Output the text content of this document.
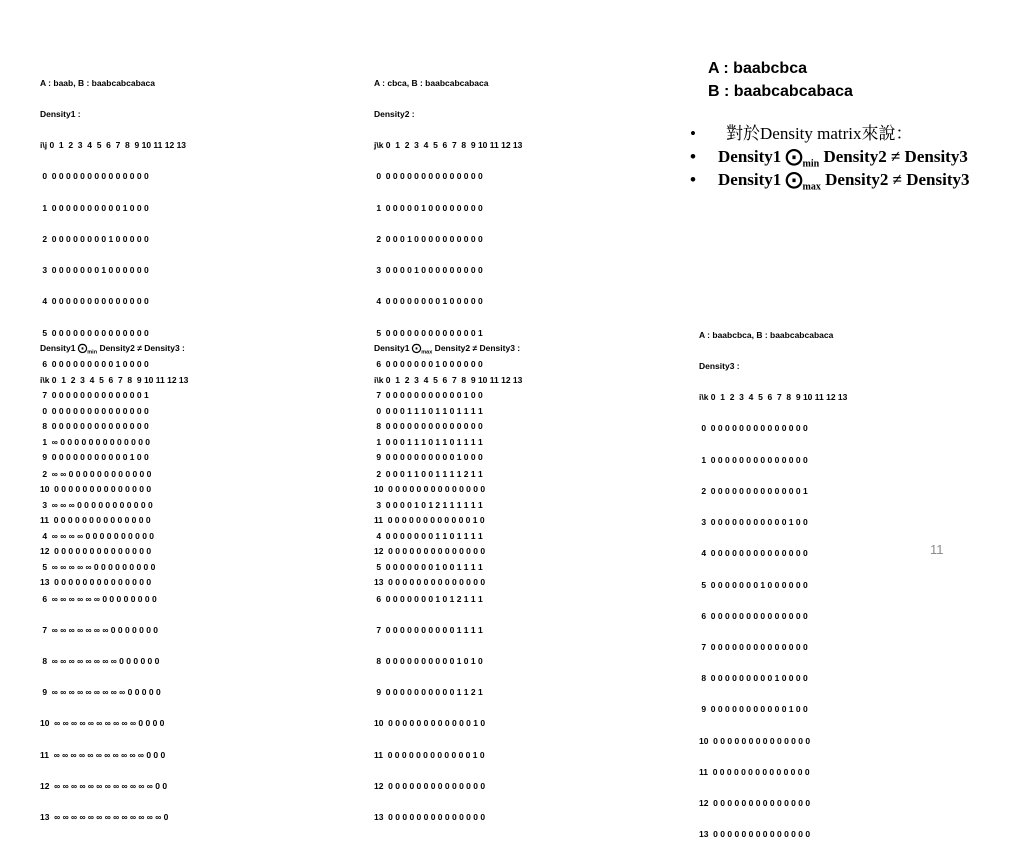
A : baab, B : baabcabcabaca

Density1 :

i\j 0  1  2  3  4  5  6  7  8  9 10 11 12 13

0  0 0 0 0 0 0 0 0 0 0 0 0 0 0

1  0 0 0 0 0 0 0 0 0 0 1 0 0 0

2  0 0 0 0 0 0 0 0 1 0 0 0 0 0

3  0 0 0 0 0 0 0 1 0 0 0 0 0 0

4  0 0 0 0 0 0 0 0 0 0 0 0 0 0

5  0 0 0 0 0 0 0 0 0 0 0 0 0 0

6  0 0 0 0 0 0 0 0 0 1 0 0 0 0

7  0 0 0 0 0 0 0 0 0 0 0 0 0 1

8  0 0 0 0 0 0 0 0 0 0 0 0 0 0

9  0 0 0 0 0 0 0 0 0 0 0 1 0 0

10  0 0 0 0 0 0 0 0 0 0 0 0 0 0

11  0 0 0 0 0 0 0 0 0 0 0 0 0 0

12  0 0 0 0 0 0 0 0 0 0 0 0 0 0

13  0 0 0 0 0 0 0 0 0 0 0 0 0 0

A : cbca, B : baabcabcabaca

Density2 :

j\k 0  1  2  3  4  5  6  7  8  9 10 11 12 13

0  0 0 0 0 0 0 0 0 0 0 0 0 0 0

1  0 0 0 0 0 1 0 0 0 0 0 0 0 0

2  0 0 0 1 0 0 0 0 0 0 0 0 0 0

3  0 0 0 0 1 0 0 0 0 0 0 0 0 0

4  0 0 0 0 0 0 0 0 1 0 0 0 0 0

5  0 0 0 0 0 0 0 0 0 0 0 0 0 1

6  0 0 0 0 0 0 0 1 0 0 0 0 0 0

7  0 0 0 0 0 0 0 0 0 0 0 1 0 0

8  0 0 0 0 0 0 0 0 0 0 0 0 0 0

9  0 0 0 0 0 0 0 0 0 0 1 0 0 0

10  0 0 0 0 0 0 0 0 0 0 0 0 0 0

11  0 0 0 0 0 0 0 0 0 0 0 0 1 0

12  0 0 0 0 0 0 0 0 0 0 0 0 0 0

13  0 0 0 0 0 0 0 0 0 0 0 0 0 0

Density1 $⨀_{min}$ Density2 ≠ Density3 :

i\k 0  1  2  3  4  5  6  7  8  9 10 11 12 13

0  0 0 0 0 0 0 0 0 0 0 0 0 0 0

1  ∞ 0 0 0 0 0 0 0 0 0 0 0 0 0

2  ∞ ∞ 0 0 0 0 0 0 0 0 0 0 0 0

3  ∞ ∞ ∞ 0 0 0 0 0 0 0 0 0 0 0

4  ∞ ∞ ∞ ∞ 0 0 0 0 0 0 0 0 0 0

5  ∞ ∞ ∞ ∞ ∞ 0 0 0 0 0 0 0 0 0

6  ∞ ∞ ∞ ∞ ∞ ∞ 0 0 0 0 0 0 0 0

7  ∞ ∞ ∞ ∞ ∞ ∞ ∞ 0 0 0 0 0 0 0

8  ∞ ∞ ∞ ∞ ∞ ∞ ∞ ∞ 0 0 0 0 0 0

9  ∞ ∞ ∞ ∞ ∞ ∞ ∞ ∞ ∞ 0 0 0 0 0

10  ∞ ∞ ∞ ∞ ∞ ∞ ∞ ∞ ∞ ∞ 0 0 0 0

11  ∞ ∞ ∞ ∞ ∞ ∞ ∞ ∞ ∞ ∞ ∞ 0 0 0

12  ∞ ∞ ∞ ∞ ∞ ∞ ∞ ∞ ∞ ∞ ∞ ∞ 0 0

13  ∞ ∞ ∞ ∞ ∞ ∞ ∞ ∞ ∞ ∞ ∞ ∞ ∞ 0

Density1 $⨀_{max}$ Density2 ≠ Density3 :

i\k 0  1  2  3  4  5  6  7  8  9 10 11 12 13

0  0 0 0 1 1 1 0 1 1 0 1 1 1 1

1  0 0 0 1 1 1 0 1 1 0 1 1 1 1

2  0 0 0 1 1 0 0 1 1 1 1 2 1 1

3  0 0 0 0 1 0 1 2 1 1 1 1 1 1

4  0 0 0 0 0 0 0 1 1 0 1 1 1 1

5  0 0 0 0 0 0 0 1 0 0 1 1 1 1

6  0 0 0 0 0 0 0 1 0 1 2 1 1 1

7  0 0 0 0 0 0 0 0 0 0 1 1 1 1

8  0 0 0 0 0 0 0 0 0 0 1 0 1 0

9  0 0 0 0 0 0 0 0 0 0 1 1 2 1

10  0 0 0 0 0 0 0 0 0 0 0 0 1 0

11  0 0 0 0 0 0 0 0 0 0 0 0 1 0

12  0 0 0 0 0 0 0 0 0 0 0 0 0 0

13  0 0 0 0 0 0 0 0 0 0 0 0 0 0

A : baabcbca, B : baabcabcabaca

Density3 :

i\k 0  1  2  3  4  5  6  7  8  9 10 11 12 13

0  0 0 0 0 0 0 0 0 0 0 0 0 0 0

1  0 0 0 0 0 0 0 0 0 0 0 0 0 0

2  0 0 0 0 0 0 0 0 0 0 0 0 0 1

3  0 0 0 0 0 0 0 0 0 0 0 1 0 0

4  0 0 0 0 0 0 0 0 0 0 0 0 0 0

5  0 0 0 0 0 0 0 1 0 0 0 0 0 0

6  0 0 0 0 0 0 0 0 0 0 0 0 0 0

7  0 0 0 0 0 0 0 0 0 0 0 0 0 0

8  0 0 0 0 0 0 0 0 0 1 0 0 0 0

9  0 0 0 0 0 0 0 0 0 0 0 1 0 0

10  0 0 0 0 0 0 0 0 0 0 0 0 0 0

11  0 0 0 0 0 0 0 0 0 0 0 0 0 0

12  0 0 0 0 0 0 0 0 0 0 0 0 0 0

13  0 0 0 0 0 0 0 0 0 0 0 0 0 0

A : baabcbca
B : baabcabcabaca
• 對於Density matrix來說：
• Density1 $⨀_{min}$ Density2 ≠ Density3
• Density1 $⨀_{max}$ Density2 ≠ Density3
11
